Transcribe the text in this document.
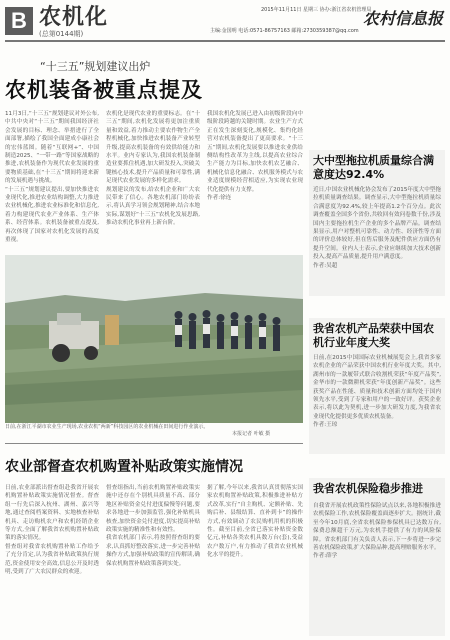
B 农机化
(总第0144期)
2015年11月11日 星期三 协办:浙江省农机管理局
主编:金国明 电话:0571-86757163 邮箱:2730359387@qq.com
农村信息报
“十三五”规划建议出炉
农机装备被重点提及
11月3日,“十三五”规划建议对外公布,中共中央对“十三五”期间我国经济社会发展的目标、理念、举措进行了全面部署,描绘了我国全面建成小康社会的宏伟蓝图。随着“互联网+”、中国制造2025、“一带一路”等国家战略的推进,农机装备作为现代农业发展的重要物质基础,在“十三五”期间将迎来新的发展机遇与挑战。
“十三五”规划建议提出,要加快推进农业现代化,推进农业结构调整,大力推进农业机械化,推进农业标准化和信息化,着力构建现代农业产业体系、生产体系、经营体系。农机装备被重点提及,再次体现了国家对农机化发展的高度重视。
农机化是现代农业的重要标志。在“十三五”期间,农机化发展将更加注重质量和效益,着力推动主要农作物生产全程机械化,加快推进农机装备产业转型升级,提高农机装备的有效供给能力和水平。业内专家认为,我国农机装备制造业要抓住机遇,加大研发投入,突破关键核心技术,提升产品质量和可靠性,满足现代农业发展的多样化需求。
规划建议的发布,给农机企业和广大农民带来了信心。各地农机部门纷纷表示,将认真学习领会规划精神,结合本地实际,谋划好“十三五”农机化发展思路,推动农机化事业再上新台阶。
我国农机化发展已进入由初级阶段向中级阶段跨越的关键时期。农业生产方式正在发生深刻变化,规模化、集约化经营对农机装备提出了更高要求。“十三五”期间,农机化发展要以推进农业供给侧结构性改革为主线,以提高农业综合生产能力为目标,加快农机农艺融合、机械化信息化融合、农机服务模式与农业适度规模经营相适应,为实现农业现代化提供有力支撑。
作者:徐连
日前,在浙江平湖市农业生产现场,农业农机“两新”科技园区的农业机械在田间进行作业演示。
本报记者 叶敏 摄
大中型拖拉机质量综合满意度达92.4%
近日,中国农业机械化协会发布了2015年度大中型拖拉机质量调查结果。调查显示,大中型拖拉机质量综合满意度为92.4%,较上年提高1.2个百分点。此次调查覆盖全国多个省份,共收回有效问卷数千份,涉及国内主要拖拉机生产企业的多个品牌产品。调查结果显示,用户对整机可靠性、动力性、经济性等方面的评价总体较好,但在售后服务及配件供应方面仍有提升空间。业内人士表示,企业应继续加大技术创新投入,提高产品质量,提升用户满意度。
作者:吴超
我省农机产品荣获中国农机行业年度大奖
日前,在2015中国国际农业机械展览会上,我省多家农机企业的产品荣获中国农机行业年度大奖。其中,湖州市的一款履带式联合收割机荣获“年度产品奖”,金华市的一款微耕机荣获“年度创新产品奖”。这些获奖产品在性能、质量和技术创新方面均处于国内领先水平,受到了专家和用户的一致好评。获奖企业表示,将以此为契机,进一步加大研发力度,为我省农业现代化提供更多优质农机装备。
作者:王琼
我省农机保险稳步推进
自我省开展农机政策性保险试点以来,各地积极推进农机保险工作,农机保险覆盖面逐步扩大。据统计,截至今年10月底,全省农机保险参保机具已达数万台,保费总额超千万元,为农机手提供了有力的风险保障。省农机部门有关负责人表示,下一步将进一步完善农机保险政策,扩大保险品种,提高理赔服务水平。
作者:薛学
农业部督查农机购置补贴政策实施情况
日前,农业部派出督查组赴我省开展农机购置补贴政策实施情况督查。督查组一行先后深入杭州、湖州、嘉兴等地,通过查阅档案资料、实地核查补贴机具、走访购机农户和农机经销企业等方式,全面了解我省农机购置补贴政策的落实情况。
督查组对我省农机购置补贴工作给予了充分肯定,认为我省补贴政策执行规范,资金使用安全高效,信息公开及时透明,受到了广大农民群众的欢迎。
督查组指出,当前农机购置补贴政策实施中还存在个别机具质量不高、部分地区补贴资金兑付进度偏慢等问题,要求各地进一步加强监管,强化补贴机具核查,加快资金兑付进度,切实提高补贴政策实施的精准性和有效性。
我省农机部门表示,将按照督查组的要求,认真抓好整改落实,进一步完善补贴操作方式,加强补贴政策的宣传解读,确保农机购置补贴政策落到实处。
据了解,今年以来,我省认真贯彻落实国家农机购置补贴政策,积极推进补贴方式改革,实行“自主购机、定额补贴、先购后补、县级结算、直补到卡”的操作方式,有效调动了农民购机用机的积极性。截至目前,全省已落实补贴资金数亿元,补贴各类农机具数万台(套),受益农户数万户,有力推动了我省农业机械化水平的提升。
